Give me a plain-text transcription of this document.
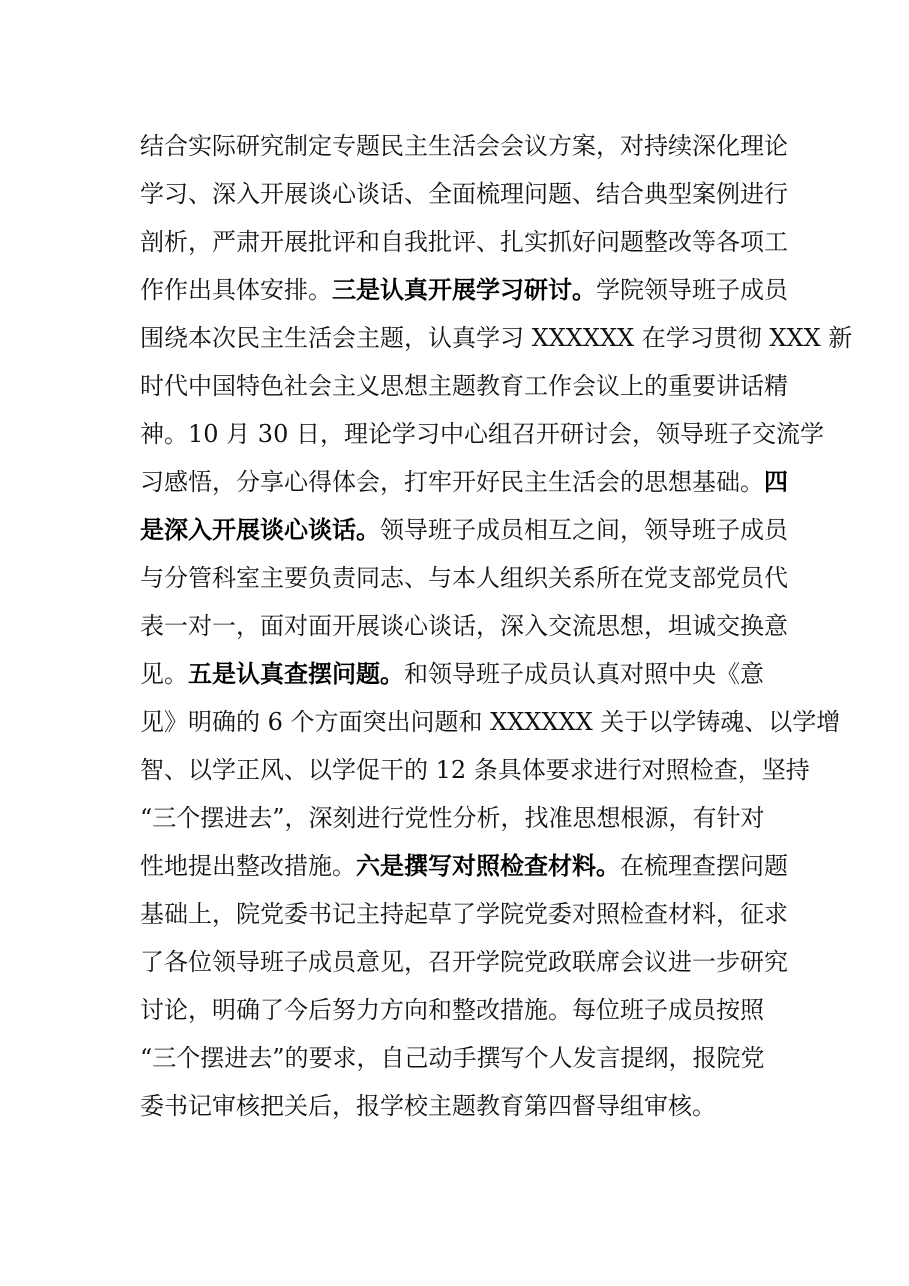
结合实际研究制定专题民主生活会会议方案，对持续深化理论
学习、深入开展谈心谈话、全面梳理问题、结合典型案例进行
剖析，严肃开展批评和自我批评、扎实抓好问题整改等各项工
作作出具体安排。三是认真开展学习研讨。学院领导班子成员
围绕本次民主生活会主题，认真学习 XXXXXX 在学习贯彻 XXX 新
时代中国特色社会主义思想主题教育工作会议上的重要讲话精
神。10 月 30 日，理论学习中心组召开研讨会，领导班子交流学
习感悟，分享心得体会，打牢开好民主生活会的思想基础。四
是深入开展谈心谈话。领导班子成员相互之间，领导班子成员
与分管科室主要负责同志、与本人组织关系所在党支部党员代
表一对一，面对面开展谈心谈话，深入交流思想，坦诚交换意
见。五是认真查摆问题。和领导班子成员认真对照中央《意
见》明确的 6 个方面突出问题和 XXXXXX 关于以学铸魂、以学增
智、以学正风、以学促干的 12 条具体要求进行对照检查，坚持
“三个摆进去”，深刻进行党性分析，找准思想根源，有针对
性地提出整改措施。六是撰写对照检查材料。在梳理查摆问题
基础上，院党委书记主持起草了学院党委对照检查材料，征求
了各位领导班子成员意见，召开学院党政联席会议进一步研究
讨论，明确了今后努力方向和整改措施。每位班子成员按照
“三个摆进去”的要求，自己动手撰写个人发言提纲，报院党
委书记审核把关后，报学校主题教育第四督导组审核。
